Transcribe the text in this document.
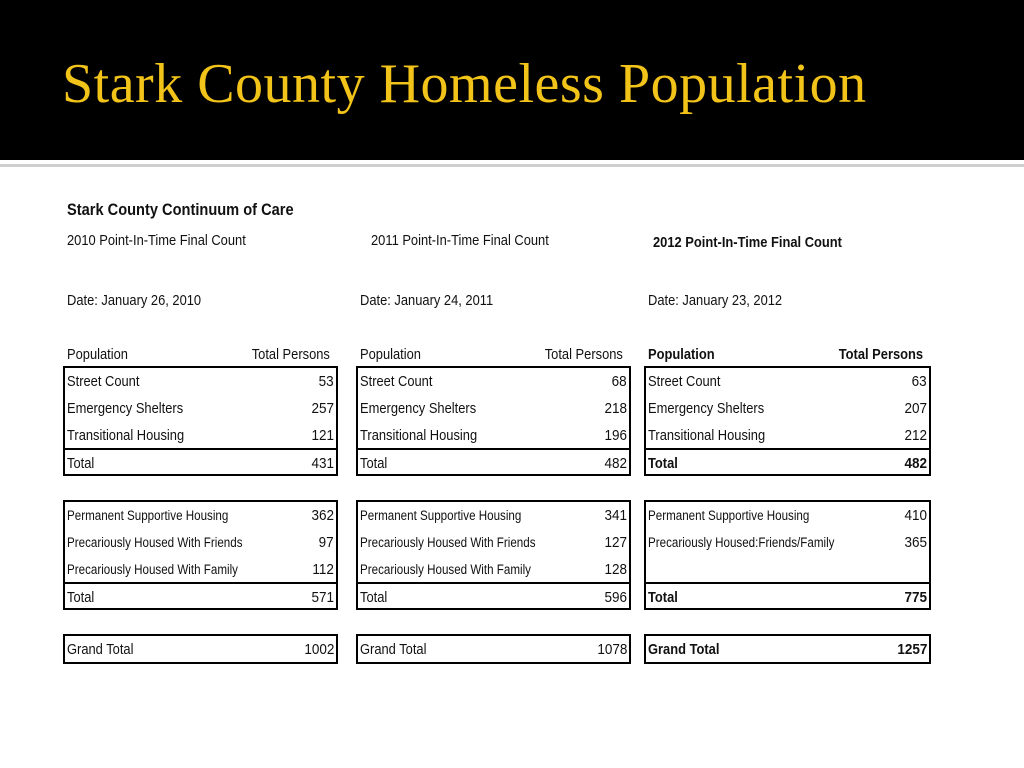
Stark County Homeless Population
Stark County Continuum of Care
2010 Point-In-Time Final Count
Date: January 26, 2010
Population	Total Persons
Street Count	53
Emergency Shelters	257
Transitional Housing	121
Total	431
Permanent Supportive Housing	362
Precariously Housed With Friends	97
Precariously Housed With Family	112
Total	571
Grand Total	1002
2011 Point-In-Time Final Count
Date: January 24, 2011
Population	Total Persons
Street Count	68
Emergency Shelters	218
Transitional Housing	196
Total	482
Permanent Supportive Housing	341
Precariously Housed With Friends	127
Precariously Housed With Family	128
Total	596
Grand Total	1078
2012 Point-In-Time Final Count
Date: January 23, 2012
Population	Total Persons
Street Count	63
Emergency Shelters	207
Transitional Housing	212
Total	482
Permanent Supportive Housing	410
Precariously Housed:Friends/Family	365
Total	775
Grand Total	1257
